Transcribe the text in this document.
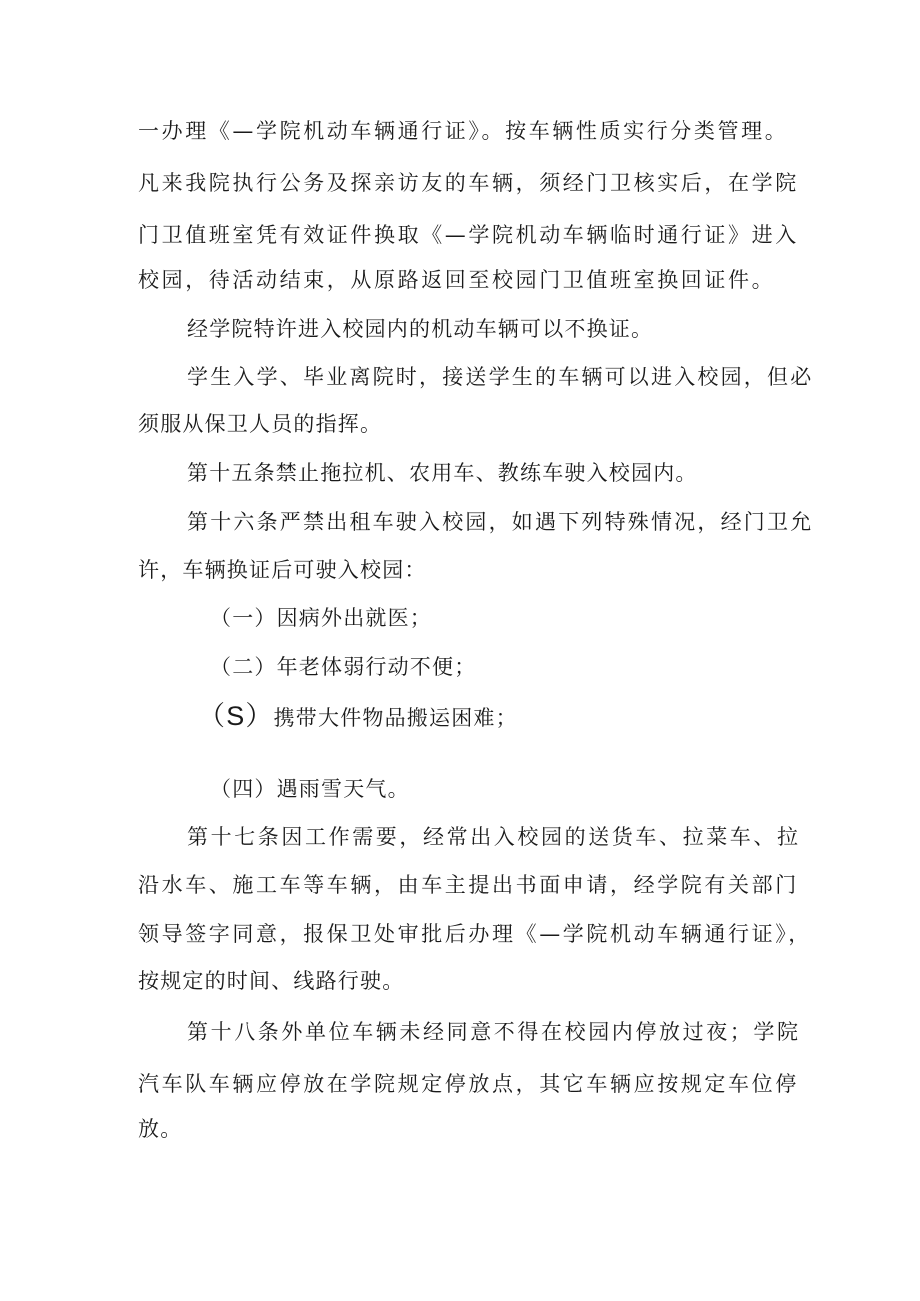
一办理《—学院机动车辆通行证》。按车辆性质实行分类管理。
凡来我院执行公务及探亲访友的车辆，须经门卫核实后，在学院
门卫值班室凭有效证件换取《—学院机动车辆临时通行证》进入
校园，待活动结束，从原路返回至校园门卫值班室换回证件。
经学院特许进入校园内的机动车辆可以不换证。
学生入学、毕业离院时，接送学生的车辆可以进入校园，但必
须服从保卫人员的指挥。
第十五条禁止拖拉机、农用车、教练车驶入校园内。
第十六条严禁出租车驶入校园，如遇下列特殊情况，经门卫允
许，车辆换证后可驶入校园：
（一）因病外出就医；
（二）年老体弱行动不便；
（S）携带大件物品搬运困难；
（四）遇雨雪天气。
第十七条因工作需要，经常出入校园的送货车、拉菜车、拉
沿水车、施工车等车辆，由车主提出书面申请，经学院有关部门
领导签字同意，报保卫处审批后办理《—学院机动车辆通行证》，
按规定的时间、线路行驶。
第十八条外单位车辆未经同意不得在校园内停放过夜；学院
汽车队车辆应停放在学院规定停放点，其它车辆应按规定车位停
放。
